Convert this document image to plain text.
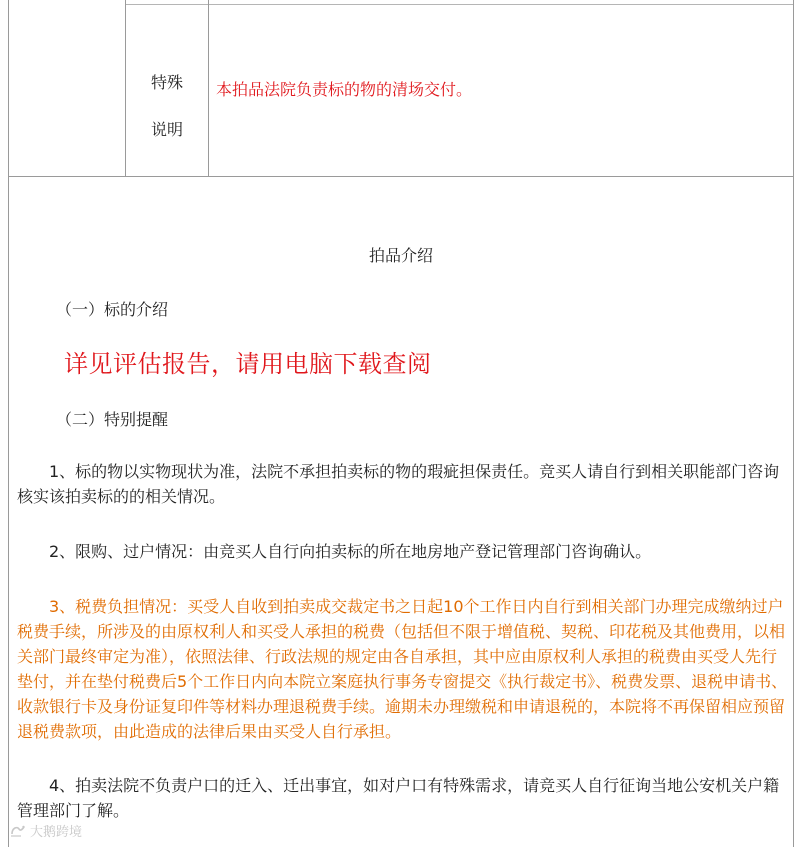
特殊
说明
本拍品法院负责标的物的清场交付。
拍品介绍
（一）标的介绍
详见评估报告，请用电脑下载查阅
（二）特别提醒

1、标的物以实物现状为准，法院不承担拍卖标的物的瑕疵担保责任。竞买人请自行到相关职能部门咨询核实该拍卖标的的相关情况。

2、限购、过户情况：由竞买人自行向拍卖标的所在地房地产登记管理部门咨询确认。

3、税费负担情况：买受人自收到拍卖成交裁定书之日起10个工作日内自行到相关部门办理完成缴纳过户税费手续，所涉及的由原权利人和买受人承担的税费（包括但不限于增值税、契税、印花税及其他费用，以相关部门最终审定为准），依照法律、行政法规的规定由各自承担，其中应由原权利人承担的税费由买受人先行垫付，并在垫付税费后5个工作日内向本院立案庭执行事务专窗提交《执行裁定书》、税费发票、退税申请书、收款银行卡及身份证复印件等材料办理退税费手续。逾期未办理缴税和申请退税的，本院将不再保留相应预留退税费款项，由此造成的法律后果由买受人自行承担。

4、拍卖法院不负责户口的迁入、迁出事宜，如对户口有特殊需求，请竞买人自行征询当地公安机关户籍管理部门了解。

大鹅跨境
